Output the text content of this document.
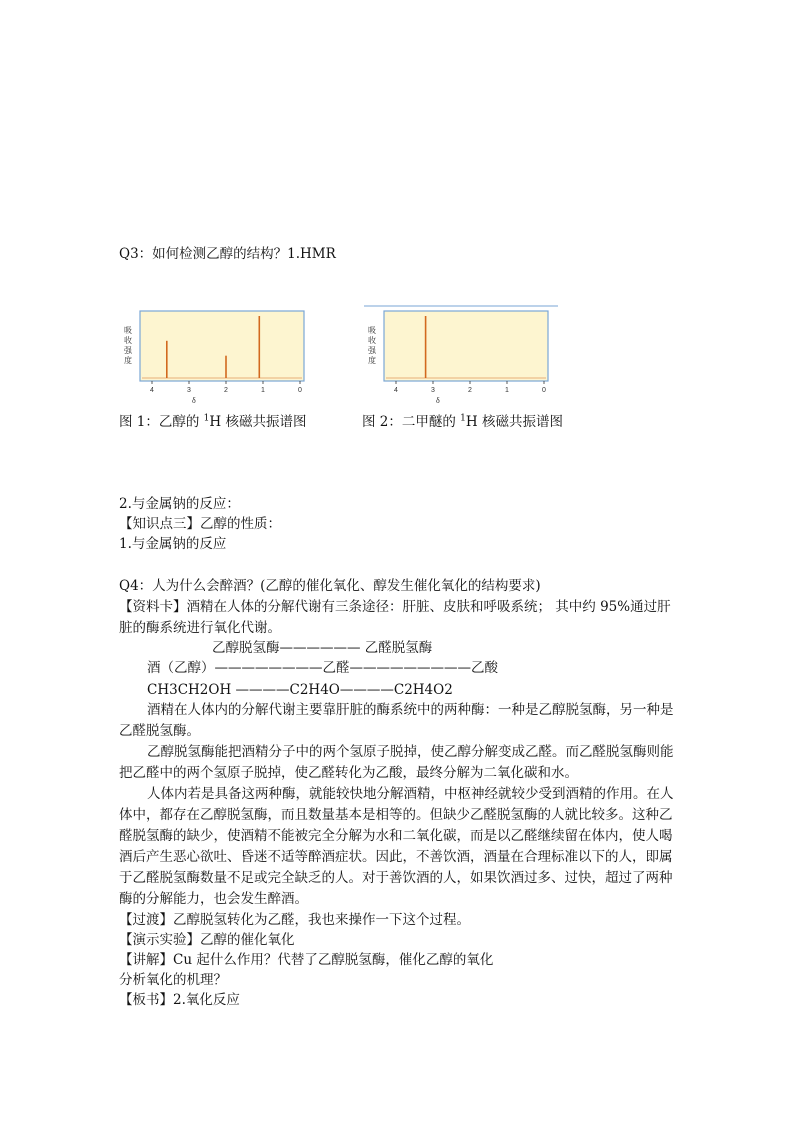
Q3：如何检测乙醇的结构？1.HMR
吸
收
强
度
4	3	2	1	0
δ
吸
收
强
度
4	3	2	1	0
δ
图 1：乙醇的 $^1$H 核磁共振谱图	图 2：二甲醚的 $^1$H 核磁共振谱图
2.与金属钠的反应：
【知识点三】乙醇的性质：
1.与金属钠的反应
Q4：人为什么会醉酒？(乙醇的催化氧化、醇发生催化氧化的结构要求)
【资料卡】酒精在人体的分解代谢有三条途径：肝脏、皮肤和呼吸系统； 其中约 95%通过肝脏的酶系统进行氧化代谢。
乙醇脱氢酶—————— 乙醛脱氢酶
酒（乙醇）————————乙醛—————————乙酸
CH3CH2OH ————C2H4O————C2H4O2
酒精在人体内的分解代谢主要靠肝脏的酶系统中的两种酶：一种是乙醇脱氢酶，另一种是乙醛脱氢酶。
乙醇脱氢酶能把酒精分子中的两个氢原子脱掉，使乙醇分解变成乙醛。而乙醛脱氢酶则能把乙醛中的两个氢原子脱掉，使乙醛转化为乙酸，最终分解为二氧化碳和水。
人体内若是具备这两种酶，就能较快地分解酒精，中枢神经就较少受到酒精的作用。在人体中，都存在乙醇脱氢酶，而且数量基本是相等的。但缺少乙醛脱氢酶的人就比较多。这种乙醛脱氢酶的缺少，使酒精不能被完全分解为水和二氧化碳，而是以乙醛继续留在体内，使人喝酒后产生恶心欲吐、昏迷不适等醉酒症状。因此，不善饮酒，酒量在合理标准以下的人，即属于乙醛脱氢酶数量不足或完全缺乏的人。对于善饮酒的人，如果饮酒过多、过快，超过了两种酶的分解能力，也会发生醉酒。
【过渡】乙醇脱氢转化为乙醛，我也来操作一下这个过程。
【演示实验】乙醇的催化氧化
【讲解】Cu 起什么作用？代替了乙醇脱氢酶，催化乙醇的氧化
分析氧化的机理？
【板书】2.氧化反应
